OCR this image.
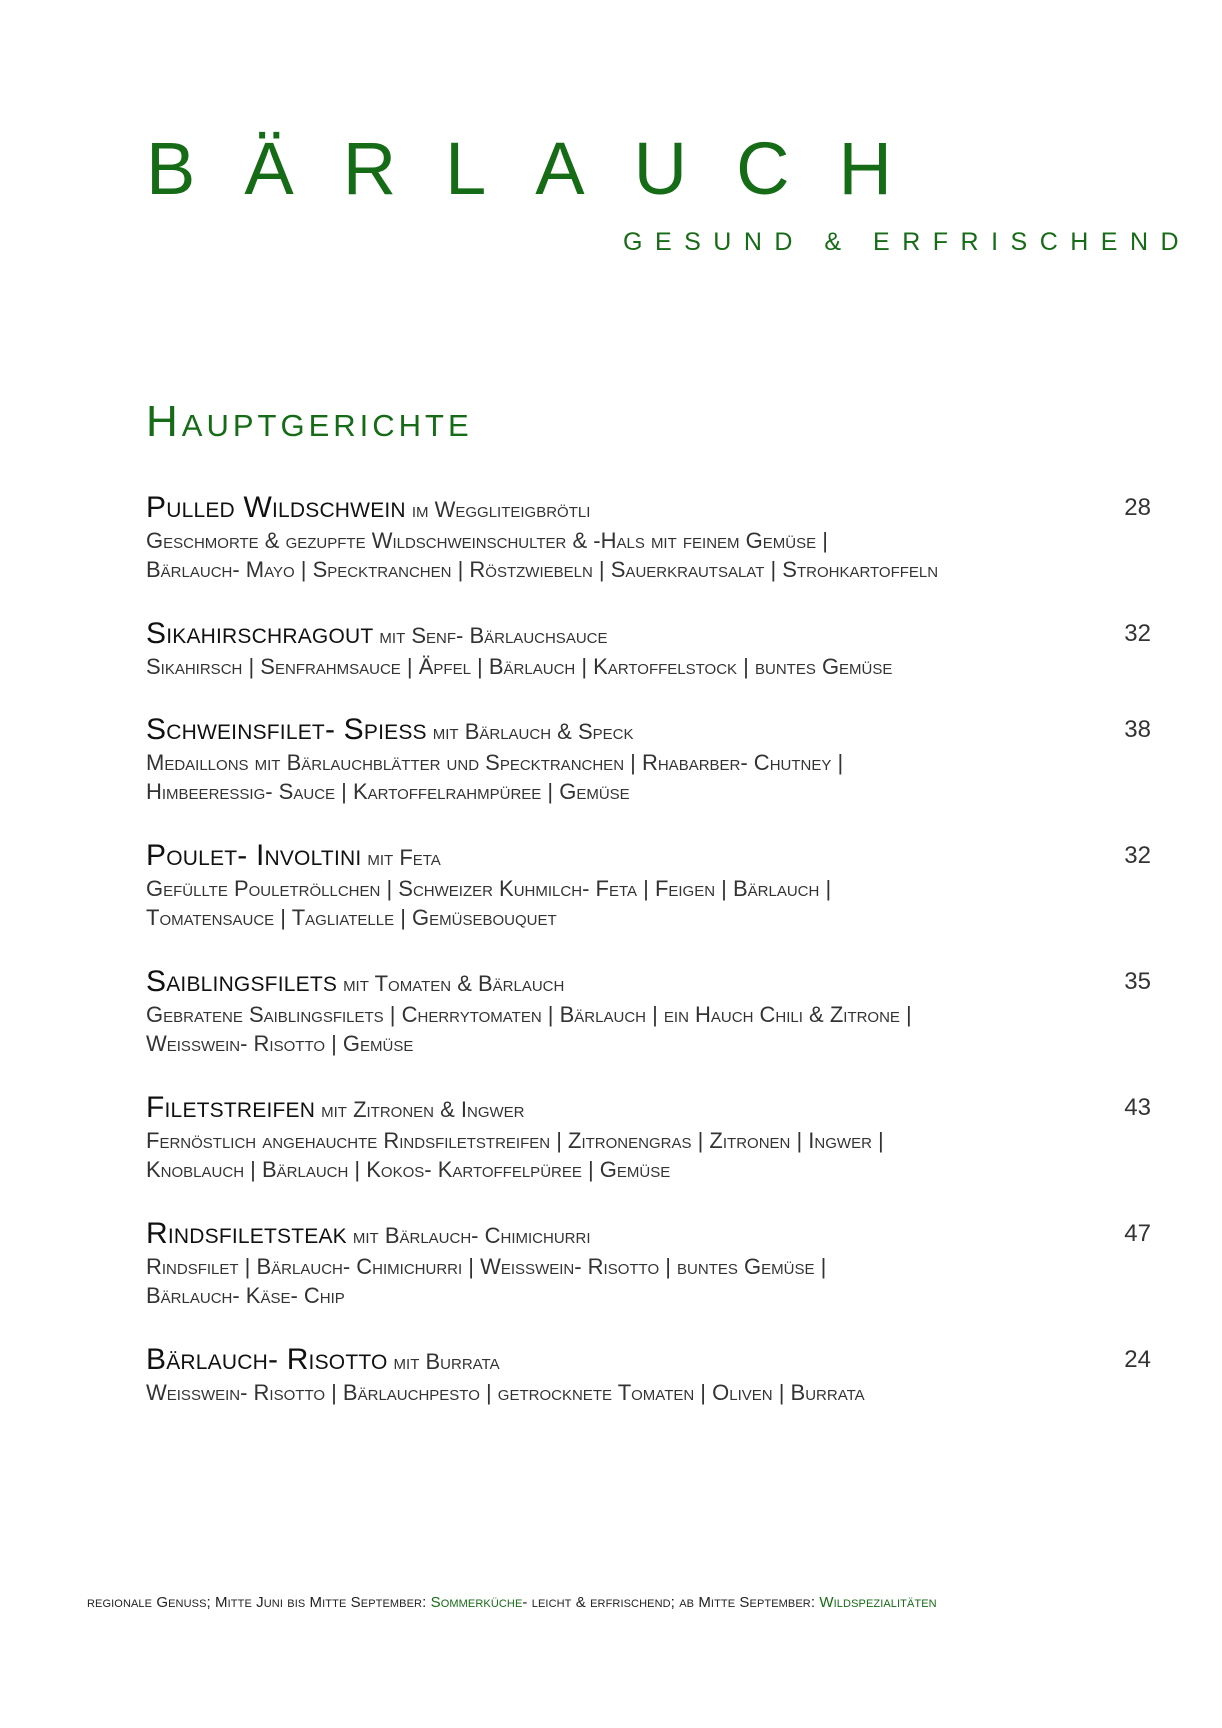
BÄRLAUCH
GESUND & ERFRISCHEND
Hauptgerichte
Pulled Wildschwein im Weggliteigbrötli	28
Geschmorte & gezupfte Wildschweinschulter & -Hals mit feinem Gemüse |
Bärlauch- Mayo | Specktranchen | Röstzwiebeln | Sauerkrautsalat | Strohkartoffeln
Sikahirschragout mit Senf- Bärlauchsauce	32
Sikahirsch | Senfrahmsauce | Äpfel | Bärlauch | Kartoffelstock | buntes Gemüse
Schweinsfilet- Spiess mit Bärlauch & Speck	38
Medaillons mit Bärlauchblätter und Specktranchen | Rhabarber- Chutney |
Himbeeressig- Sauce | Kartoffelrahmpüree | Gemüse
Poulet- Involtini mit Feta	32
Gefüllte Pouletröllchen | Schweizer Kuhmilch- Feta | Feigen | Bärlauch |
Tomatensauce | Tagliatelle | Gemüsebouquet
Saiblingsfilets mit Tomaten & Bärlauch	35
Gebratene Saiblingsfilets | Cherrytomaten | Bärlauch | ein Hauch Chili & Zitrone |
Weisswein- Risotto | Gemüse
Filetstreifen mit Zitronen & Ingwer	43
Fernöstlich angehauchte Rindsfiletstreifen | Zitronengras | Zitronen | Ingwer |
Knoblauch | Bärlauch | Kokos- Kartoffelpüree | Gemüse
Rindsfiletsteak mit Bärlauch- Chimichurri	47
Rindsfilet | Bärlauch- Chimichurri | Weisswein- Risotto | buntes Gemüse |
Bärlauch- Käse- Chip
Bärlauch- Risotto mit Burrata	24
Weisswein- Risotto | Bärlauchpesto | getrocknete Tomaten | Oliven | Burrata
regionale Genuss; Mitte Juni bis Mitte September: Sommerküche- leicht & erfrischend; ab Mitte September: Wildspezialitäten
